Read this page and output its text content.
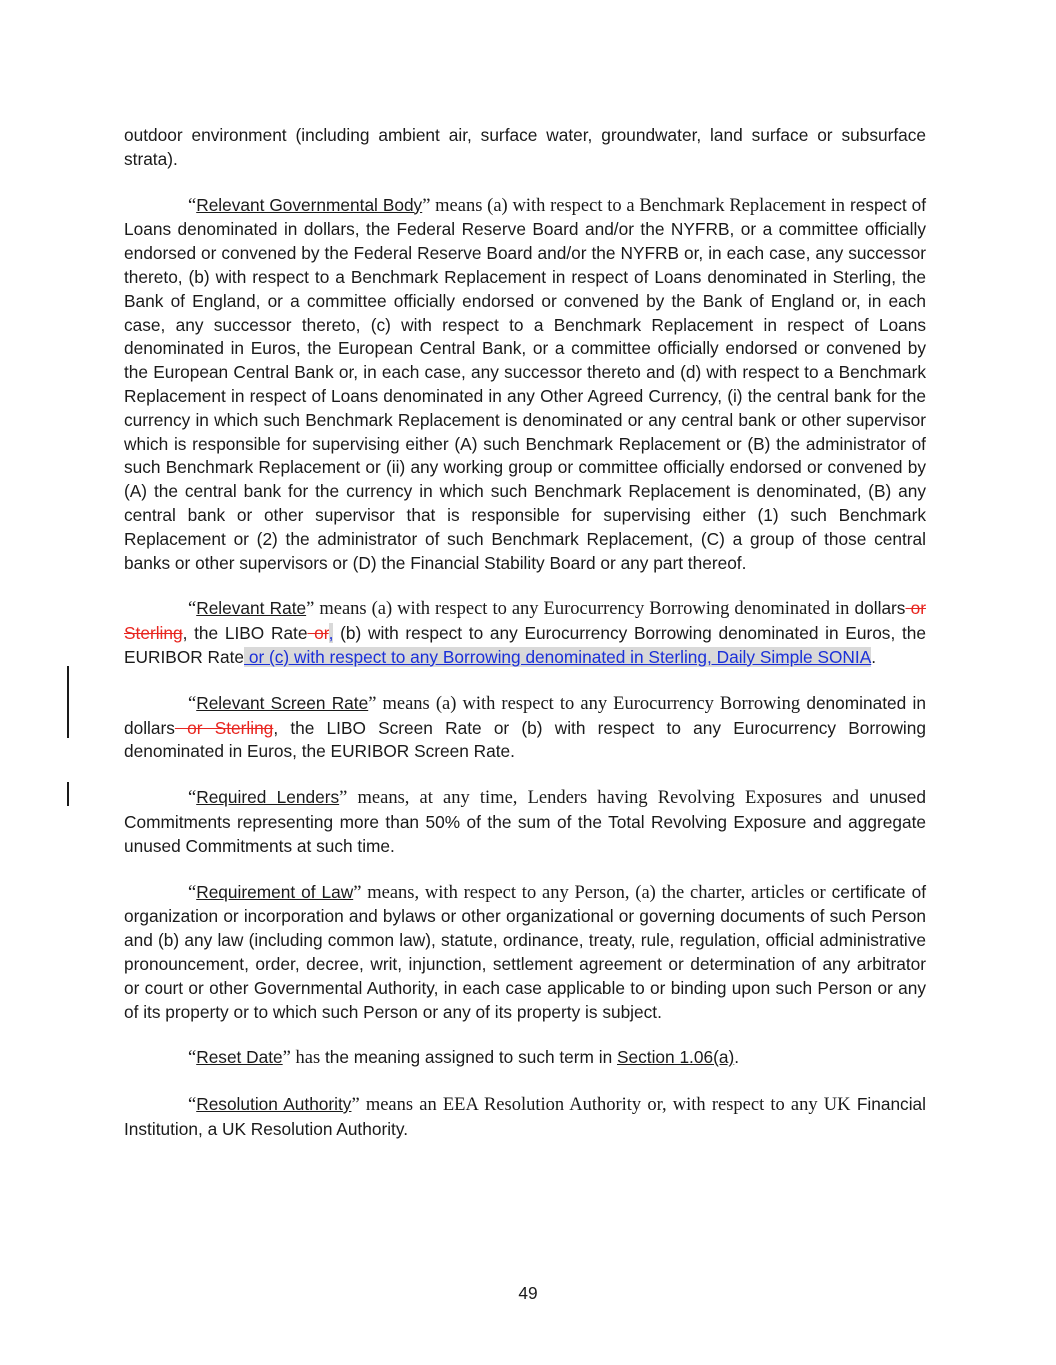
outdoor environment (including ambient air, surface water, groundwater, land surface or subsurface strata).

“Relevant Governmental Body” means (a) with respect to a Benchmark Replacement in respect of Loans denominated in dollars, the Federal Reserve Board and/or the NYFRB, or a committee officially endorsed or convened by the Federal Reserve Board and/or the NYFRB or, in each case, any successor thereto, (b) with respect to a Benchmark Replacement in respect of Loans denominated in Sterling, the Bank of England, or a committee officially endorsed or convened by the Bank of England or, in each case, any successor thereto, (c) with respect to a Benchmark Replacement in respect of Loans denominated in Euros, the European Central Bank, or a committee officially endorsed or convened by the European Central Bank or, in each case, any successor thereto and (d) with respect to a Benchmark Replacement in respect of Loans denominated in any Other Agreed Currency, (i) the central bank for the currency in which such Benchmark Replacement is denominated or any central bank or other supervisor which is responsible for supervising either (A) such Benchmark Replacement or (B) the administrator of such Benchmark Replacement or (ii) any working group or committee officially endorsed or convened by (A) the central bank for the currency in which such Benchmark Replacement is denominated, (B) any central bank or other supervisor that is responsible for supervising either (1) such Benchmark Replacement or (2) the administrator of such Benchmark Replacement, (C) a group of those central banks or other supervisors or (D) the Financial Stability Board or any part thereof.

“Relevant Rate” means (a) with respect to any Eurocurrency Borrowing denominated in dollars or Sterling, the LIBO Rate or, (b) with respect to any Eurocurrency Borrowing denominated in Euros, the EURIBOR Rate or (c) with respect to any Borrowing denominated in Sterling, Daily Simple SONIA.

“Relevant Screen Rate” means (a) with respect to any Eurocurrency Borrowing denominated in dollars or Sterling, the LIBO Screen Rate or (b) with respect to any Eurocurrency Borrowing denominated in Euros, the EURIBOR Screen Rate.

“Required Lenders” means, at any time, Lenders having Revolving Exposures and unused Commitments representing more than 50% of the sum of the Total Revolving Exposure and aggregate unused Commitments at such time.

“Requirement of Law” means, with respect to any Person, (a) the charter, articles or certificate of organization or incorporation and bylaws or other organizational or governing documents of such Person and (b) any law (including common law), statute, ordinance, treaty, rule, regulation, official administrative pronouncement, order, decree, writ, injunction, settlement agreement or determination of any arbitrator or court or other Governmental Authority, in each case applicable to or binding upon such Person or any of its property or to which such Person or any of its property is subject.

“Reset Date” has the meaning assigned to such term in Section 1.06(a).

“Resolution Authority” means an EEA Resolution Authority or, with respect to any UK Financial Institution, a UK Resolution Authority.

49
